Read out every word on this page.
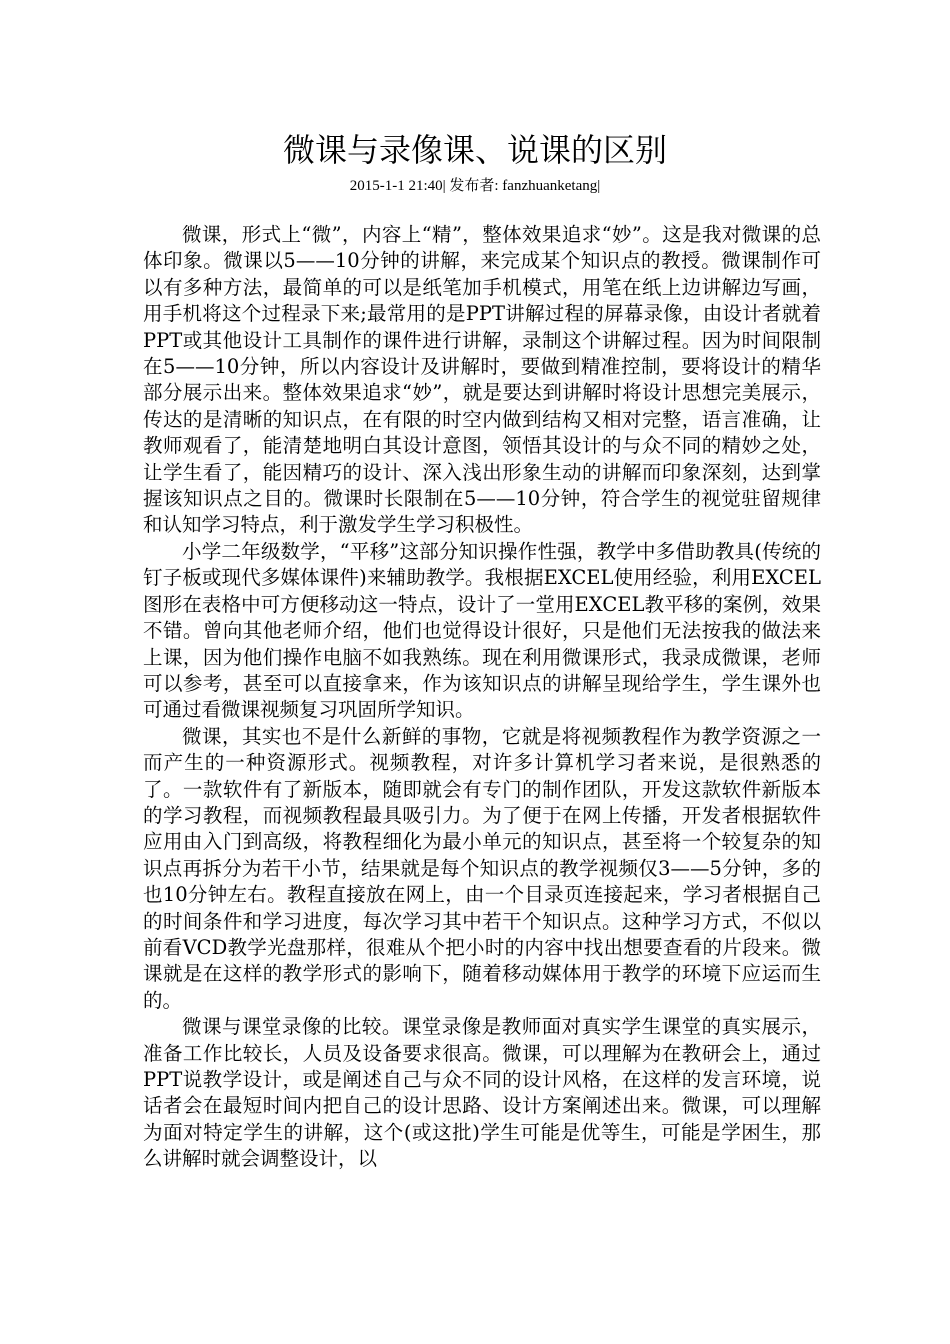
微课与录像课、说课的区别
2015-1-1 21:40| 发布者: fanzhuanketang|

微课，形式上“微”，内容上“精”，整体效果追求“妙”。这是我对微课的总体印象。微课以5——10分钟的讲解，来完成某个知识点的教授。微课制作可以有多种方法，最简单的可以是纸笔加手机模式，用笔在纸上边讲解边写画，用手机将这个过程录下来;最常用的是PPT讲解过程的屏幕录像，由设计者就着PPT或其他设计工具制作的课件进行讲解，录制这个讲解过程。因为时间限制在5——10分钟，所以内容设计及讲解时，要做到精准控制，要将设计的精华部分展示出来。整体效果追求“妙”，就是要达到讲解时将设计思想完美展示，传达的是清晰的知识点，在有限的时空内做到结构又相对完整，语言准确，让教师观看了，能清楚地明白其设计意图，领悟其设计的与众不同的精妙之处，让学生看了，能因精巧的设计、深入浅出形象生动的讲解而印象深刻，达到掌握该知识点之目的。微课时长限制在5——10分钟，符合学生的视觉驻留规律和认知学习特点，利于激发学生学习积极性。

小学二年级数学，“平移”这部分知识操作性强，教学中多借助教具(传统的钉子板或现代多媒体课件)来辅助教学。我根据EXCEL使用经验，利用EXCEL图形在表格中可方便移动这一特点，设计了一堂用EXCEL教平移的案例，效果不错。曾向其他老师介绍，他们也觉得设计很好，只是他们无法按我的做法来上课，因为他们操作电脑不如我熟练。现在利用微课形式，我录成微课，老师可以参考，甚至可以直接拿来，作为该知识点的讲解呈现给学生，学生课外也可通过看微课视频复习巩固所学知识。

微课，其实也不是什么新鲜的事物，它就是将视频教程作为教学资源之一而产生的一种资源形式。视频教程，对许多计算机学习者来说，是很熟悉的了。一款软件有了新版本，随即就会有专门的制作团队，开发这款软件新版本的学习教程，而视频教程最具吸引力。为了便于在网上传播，开发者根据软件应用由入门到高级，将教程细化为最小单元的知识点，甚至将一个较复杂的知识点再拆分为若干小节，结果就是每个知识点的教学视频仅3——5分钟，多的也10分钟左右。教程直接放在网上，由一个目录页连接起来，学习者根据自己的时间条件和学习进度，每次学习其中若干个知识点。这种学习方式，不似以前看VCD教学光盘那样，很难从个把小时的内容中找出想要查看的片段来。微课就是在这样的教学形式的影响下，随着移动媒体用于教学的环境下应运而生的。

微课与课堂录像的比较。课堂录像是教师面对真实学生课堂的真实展示，准备工作比较长，人员及设备要求很高。微课，可以理解为在教研会上，通过PPT说教学设计，或是阐述自己与众不同的设计风格，在这样的发言环境，说话者会在最短时间内把自己的设计思路、设计方案阐述出来。微课，可以理解为面对特定学生的讲解，这个(或这批)学生可能是优等生，可能是学困生，那么讲解时就会调整设计，以
